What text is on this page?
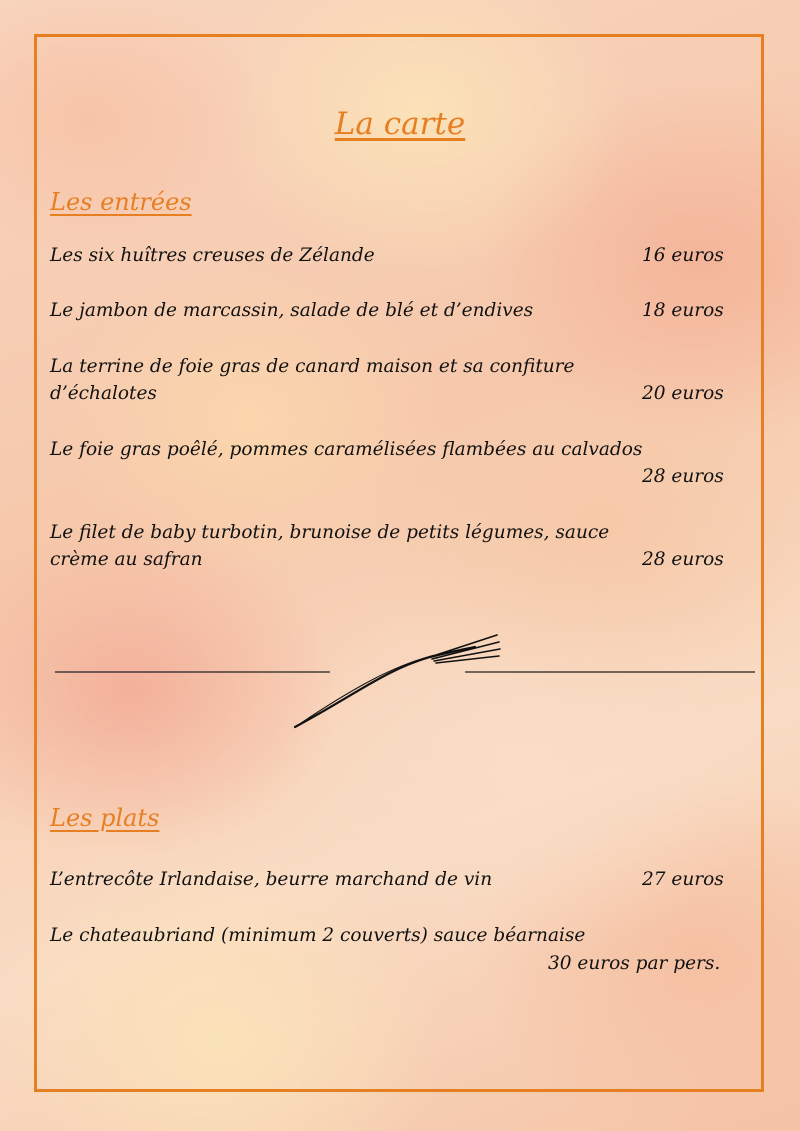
La carte
Les entrées
Les six huîtres creuses de Zélande	16 euros
Le jambon de marcassin, salade de blé et d’endives	18 euros
La terrine de foie gras de canard maison et sa confiture
d’échalotes	20 euros
Le foie gras poêlé, pommes caramélisées flambées au calvados
28 euros
Le filet de baby turbotin, brunoise de petits légumes, sauce
crème au safran	28 euros
Les plats
L’entrecôte Irlandaise, beurre marchand de vin	27 euros
Le chateaubriand (minimum 2 couverts) sauce béarnaise
30 euros par pers.
